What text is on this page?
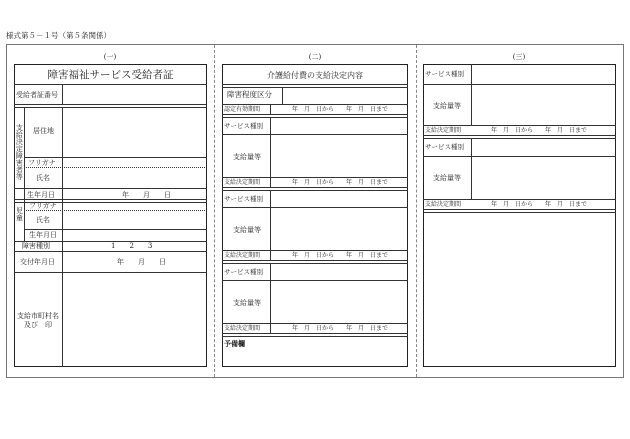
様式第５－１号（第５条関係）
(一)	(二)	(三)
障害福祉サービス受給者証
受給者証番号
支給決定障害者等 居住地
フリガナ
氏名
生年月日	年　　月　　日
児童
フリガナ
氏名
生年月日
障害種別	1　　2　　3
交付年月日	年　　月　　日
支給市町村名
及び　印
介護給付費の支給決定内容
障害程度区分
認定有効期間	年　月　日から　　年　月　日まで
サービス種別
支給量等
支給決定期間	年　月　日から　　年　月　日まで
サービス種別
支給量等
支給決定期間	年　月　日から　　年　月　日まで
サービス種別
支給量等
支給決定期間	年　月　日から　　年　月　日まで
予備欄
サービス種別
支給量等
支給決定期間	年　月　日から　　年　月　日まで
サービス種別
支給量等
支給決定期間	年　月　日から　　年　月　日まで
